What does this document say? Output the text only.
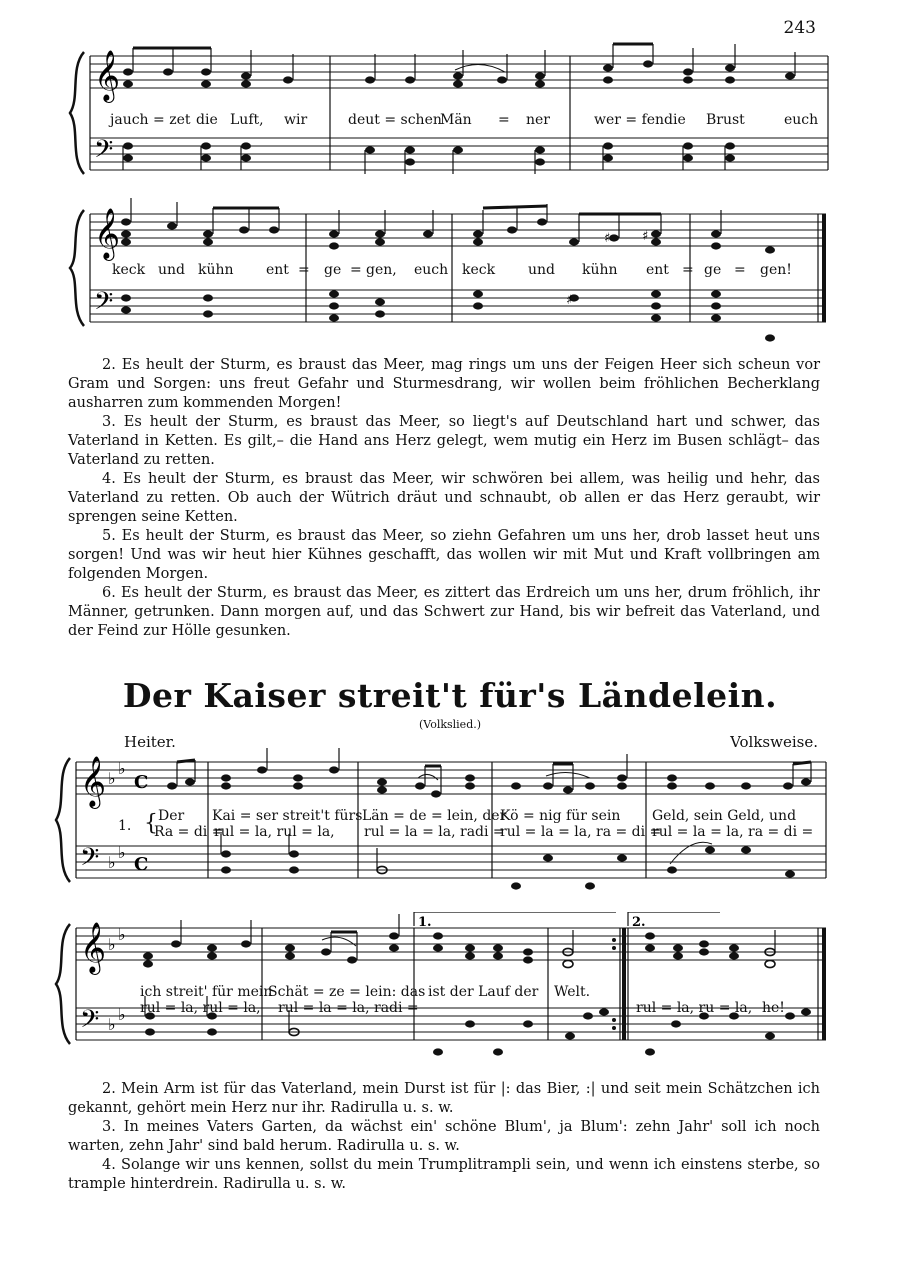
243
𝄞
𝄢
jauch = zet die Luft, wir	deut = schen
Män = ner	wer = fen die Brust	euch
𝄞
𝄢
♯ ♯
♯
keck und kühn ent = ge = gen, euch keck und kühn ent = ge = gen!

2. Es heult der Sturm, es braust das Meer, mag rings um uns der Feigen Heer sich scheun vor Gram und Sorgen: uns freut Gefahr und Sturmesdrang, wir wollen beim fröhlichen Becherklang ausharren zum kommenden Morgen!

3. Es heult der Sturm, es braust das Meer, so liegt's auf Deutschland hart und schwer, das Vaterland in Ketten. Es gilt,– die Hand ans Herz gelegt, wem mutig ein Herz im Busen schlägt– das Vaterland zu retten.

4. Es heult der Sturm, es braust das Meer, wir schwören bei allem, was heilig und hehr, das Vaterland zu retten. Ob auch der Wütrich dräut und schnaubt, ob allen er das Herz geraubt, wir sprengen seine Ketten.

5. Es heult der Sturm, es braust das Meer, so ziehn Gefahren um uns her, drob lasset heut uns sorgen! Und was wir heut hier Kühnes geschafft, das wollen wir mit Mut und Kraft vollbringen am folgenden Morgen.

6. Es heult der Sturm, es braust das Meer, es zittert das Erdreich um uns her, drum fröhlich, ihr Männer, getrunken. Dann morgen auf, und das Schwert zur Hand, bis wir befreit das Vaterland, und der Feind zur Hölle gesunken.

Der Kaiser streit't für's Ländelein.
(Volkslied.)
Heiter.	Volksweise.
𝄞 ♭
♭
C
𝄢 ♭
♭
C
1. { Der
Ra = di =
Kai = ser streit't fürs
rul = la, rul = la,
Län = de = lein, der
rul = la = la, radi =
Kö = nig für sein
rul = la = la, ra = di =
Geld, sein Geld, und
rul = la = la, ra = di =
1.	2.
𝄞 ♭
♭
𝄢 ♭
♭
ich streit' für mein
rul = la, rul = la,
Schät = ze = lein: das
rul = la = la, radi =
ist der Lauf der Welt.
rul = la, ru = la, he!

2. Mein Arm ist für das Vaterland, mein Durst ist für |: das Bier, :| und seit mein Schätzchen ich gekannt, gehört mein Herz nur ihr. Radirulla u. s. w.

3. In meines Vaters Garten, da wächst ein' schöne Blum', ja Blum': zehn Jahr' soll ich noch warten, zehn Jahr' sind bald herum. Radirulla u. s. w.

4. Solange wir uns kennen, sollst du mein Trumplitrampli sein, und wenn ich einstens sterbe, so trample hinterdrein. Radirulla u. s. w.
